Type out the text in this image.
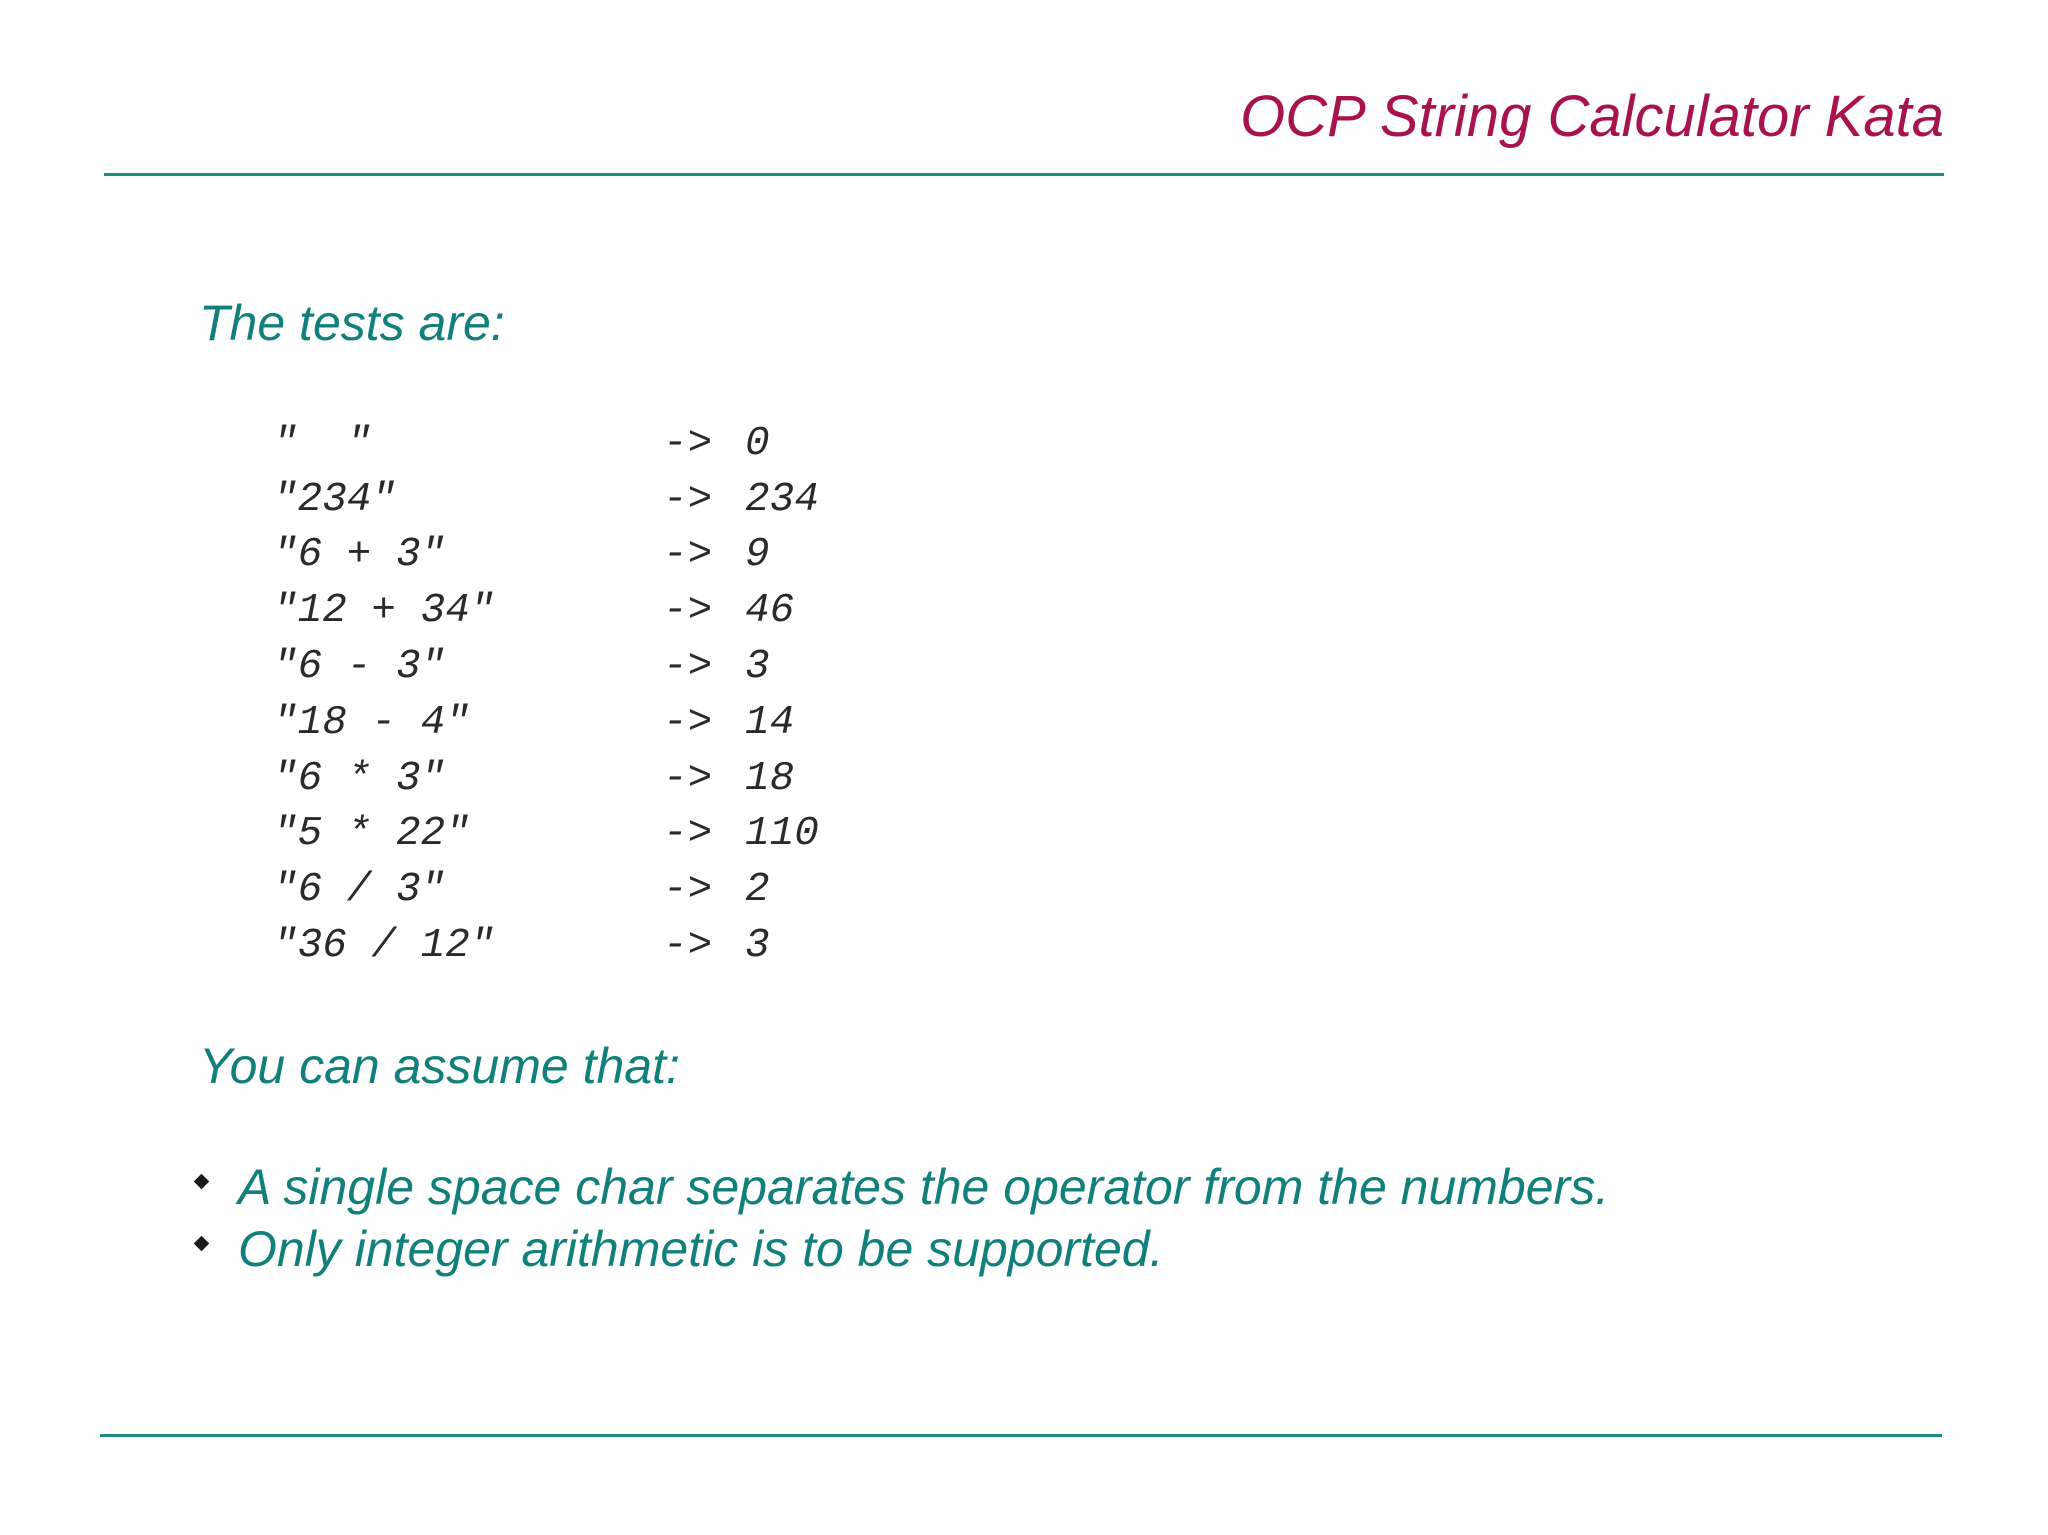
OCP String Calculator Kata
The tests are:
"  "	-> 0
"234"	-> 234
"6 + 3"	-> 9
"12 + 34"	-> 46
"6 - 3"	-> 3
"18 - 4"	-> 14
"6 * 3"	-> 18
"5 * 22"	-> 110
"6 / 3"	-> 2
"36 / 12"	-> 3
You can assume that:
A single space char separates the operator from the numbers.
Only integer arithmetic is to be supported.
